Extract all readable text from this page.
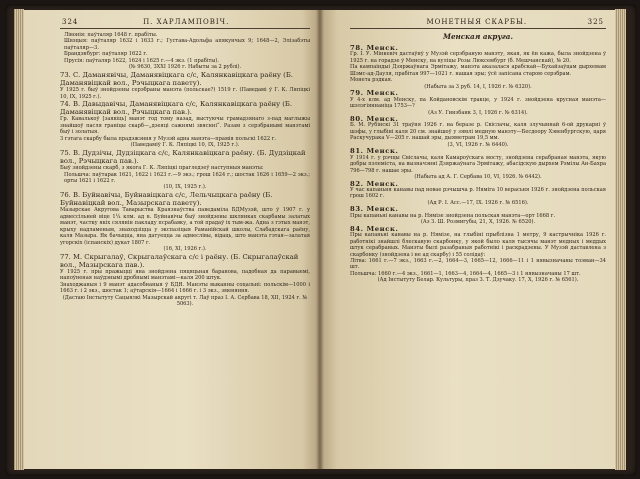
324	П. ХАРЛАМПОВІЧ.

Лівонія: паўталяр 1648 г. прабіты.

Швэцыя: паўталяр 1632 і 1633 г.; Густава-Адольфа апякунчых 9; 1648—2, Элізабэты паўталяр—3.

Брандэнбург: паўталяр 1622 г.

Прусія: паўталяр 1622, 1624 і 1625 г.—4 экз. (1 прабіты).

(№ 9630, ЗХХІ 1926 г. Набыты за 2 рублі).

73. С. Даманявічы, Даманявіцкага с/с, Калянкавіцкага раёну (Б. Даманявіцкай вол., Рэчыцкага павету).

У 1925 г. быў знойдзены серэбраны манэта (польскае?) 1519 г. (Паведамі ў Г. К. Ляпіцкі 10, IX, 1925 г.).

74. В. Давыдавічы, Даманявіцкага с/с, Калянкавіцкага раёну (Б. Даманявіцкай вол., Рэчыцкага пав.).

Гр. Кавалькоў [заявіць] манэт год тому назад, выстуючы грамадзянаго з-пад маглыжы знайшоў пасля граніцы скарб—„дзеяці сажнямі звяснні“. Разам з серэбранымі манэтамі быў і золатыя.

З гэтага скарбу была прадэжэння у Музэй адна манэта—прамія польскі 1622 г.

(Паведаміў Г. К. Ляпіцкі 10, IX, 1925 г.).

75. В. Дудзічы, Дудзіцкага с/с, Калянкавіцкага раёну. (Б. Дудзіцкай вол., Рэчыцкага пав.).

Быў знойдзены скарб, з якога Г. К. Ляпіцкі прагледзеў наступныя манэты:

Польшча: паўтарак 1621, 1622 і 1623 г.—9 экз.; грош 1624 г.; шостак 1626 і 1659—2 экз.; орты 1621 і 1622 г.

(10, IX, 1925 г.).

76. В. Буйнавічы, Буйнавіцкага с/с, Лельчыцкага раёну (Б. Буйнавіцкай вол., Мазырскага павету).

Мазырскае Акругова Таварыства Краязнаўства паведаміла БДМузэй, што ў 1907 г. у адмессільней віце 1¼ клм. ад в. Буйнавічы быў знойдзены шклянках скарбамы залатых манэт, частку якіх сялянін пакладу псрабавку, а той прадаў іх тым-жа. Адна з гэтых манэт, крыху надламеным, знаходзіцца у экспазіцыя Раманійскай школы, Слабадскага раёну, каля Мазыра. Як бачыцца, яна датуецца за адмеслівы, відаць, што манэта гэтая—залатая угорскіх (іспанскіх) дукат 1807 г.

(16, XI, 1926 г.).

77. М. Скрыгалаў, Скрыгалаўскага с/с і раёну. (Б. Скрыгалаўскай вол., Мазырскага пав.).

У 1925 г. пры пражыцці яна знойдзена пяцяцьная баранова, падобная да паравыемі, напоўненая наўдэнымі дробнымі манэтамі—каля 200 штук.

Знаходжаныя і 9 манэт адасобнаныя ў БДЯ. Манэты выканны соцальні: польскім—1000 і 1663 г. і 2 экз., шостак 1; аўтарскія—1664 і 1666 г. і 3 экз., зменяння.

(Дастаю Інстытуту Сацыялкі Мазырскай акругі т. Лаў праз І. А. Сербава 18, XII, 1924 г. № 5063).

МОНЕТНЫЯ СКАРБЫ.	325
Менская акруга.

78. Менск.

Гр. І. У. Мінкевіч дастаўнў у Музэй серэбраную манэту, якая, як ён кажа, была знойдзена ў 1925 г. на горадзе ў Менску, на вуліцы Розы Люксембург (б. Мешчанскай), № 20.

Па кампаіндыі Дзяржаўнага Эрмітажу, манэта аказалася арабскай—Бухайзаўцам дырхемам Шэмс-ад-Дауля, прабітая 997—1021 г. нашая эры; ўсё запісана старою серэбрам.

Монета рэдкая.

(Набыта за 3 руб. 14, I, 1926 г. № 6320).

79. Менск.

У 4-х клм. ад Менску, па Койдановскім тракце, у 1924 г. знойдзена крусная манэта—шэлэгіяннаніца 1753—?

(Аз У. Гинзбанк 3, I, 1926 г. № 6314).

80. Менск.

Б. М. Рубінскі 31 траўня 1926 г. на беразе р. Свіслачы, каля злучыннай 6-ой друкарні ў шэфы, у глыбіні каля 20 см. знайшоў у зямлі медную манэту—Бесдоору Хэвенбургскую, царя Раскучурака V—205 г. нашай эры, дыяметрам 19,5 мм.

(3, VI, 1926 г. № 6440).

81. Менск.

У 1914 г. у рэчцы Свіслачы, каля Камароўскага мосту, знойдзена серабраная манэта, якую добры пэлеміста, на вызначэнні Дзяржаўнага Эрмітажу, абасідскую дырхем Рэмілы Ан-Бахра 796—798 г. нашае эры.

(Набыта ад А. Г. Сербава 10, VI, 1926. № 6442).

82. Менск.

У час капаньня канавы пад новае рэчышча р. Няміга 10 верасьня 1926 г. знойдзена польская грош 1602 г.

(Ад Р. І. Асс.—17, IX. 1926 г. № 6516).

83. Менск.

Пры капаньні канавы на р. Нямізе знойдзена польская манэта—орт 1668 г.

(Аз З. Ш. Розмигубы, 21, X, 1926. № 6520).

84. Менск.

Пры капаньні канавы на р. Нямізе, на глыбіні прыблізна 1 метру, 9 кастрычніка 1926 г. работнікі знайшлі блескавую скарбонку, у якой было каля тысячы манэт медных і меддых штук серабраных. Манэты былі разабраныя работнікі і раскрадзены. У Музэй даставлена з скарбонку (знойдзена і не ад скарбу) і 55 солідаў:

Літва: 1661 г.—7 экз., 1663 г.—2, 1664—3, 1665—12, 1666—11 і 1 нявызначаны тоэман—34 шт.

Польшча: 1660 г.—4 экз., 1661—1, 1663—4, 1664—4, 1665—3 і 1 нявызначаны 17 шт.

(Ад Інстытуту Белар. Культуры, праз З. Т. Дзучаку. 17, X, 1926 г. № 6561).
